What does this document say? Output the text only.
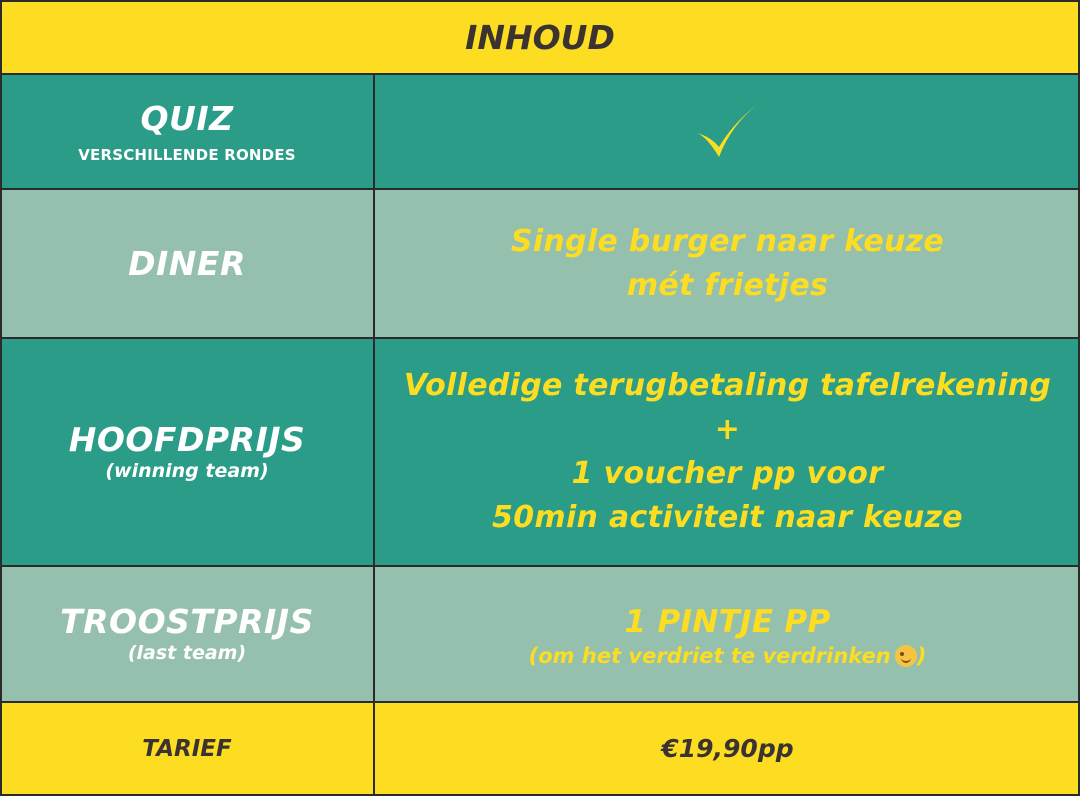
INHOUD
QUIZ
VERSCHILLENDE RONDES
DINER
Single burger naar keuze
mét frietjes
HOOFDPRIJS
(winning team)
Volledige terugbetaling tafelrekening
+
1 voucher pp voor
50min activiteit naar keuze
TROOSTPRIJS
(last team)
1 PINTJE PP
(om het verdriet te verdrinken )
TARIEF	€19,90pp
